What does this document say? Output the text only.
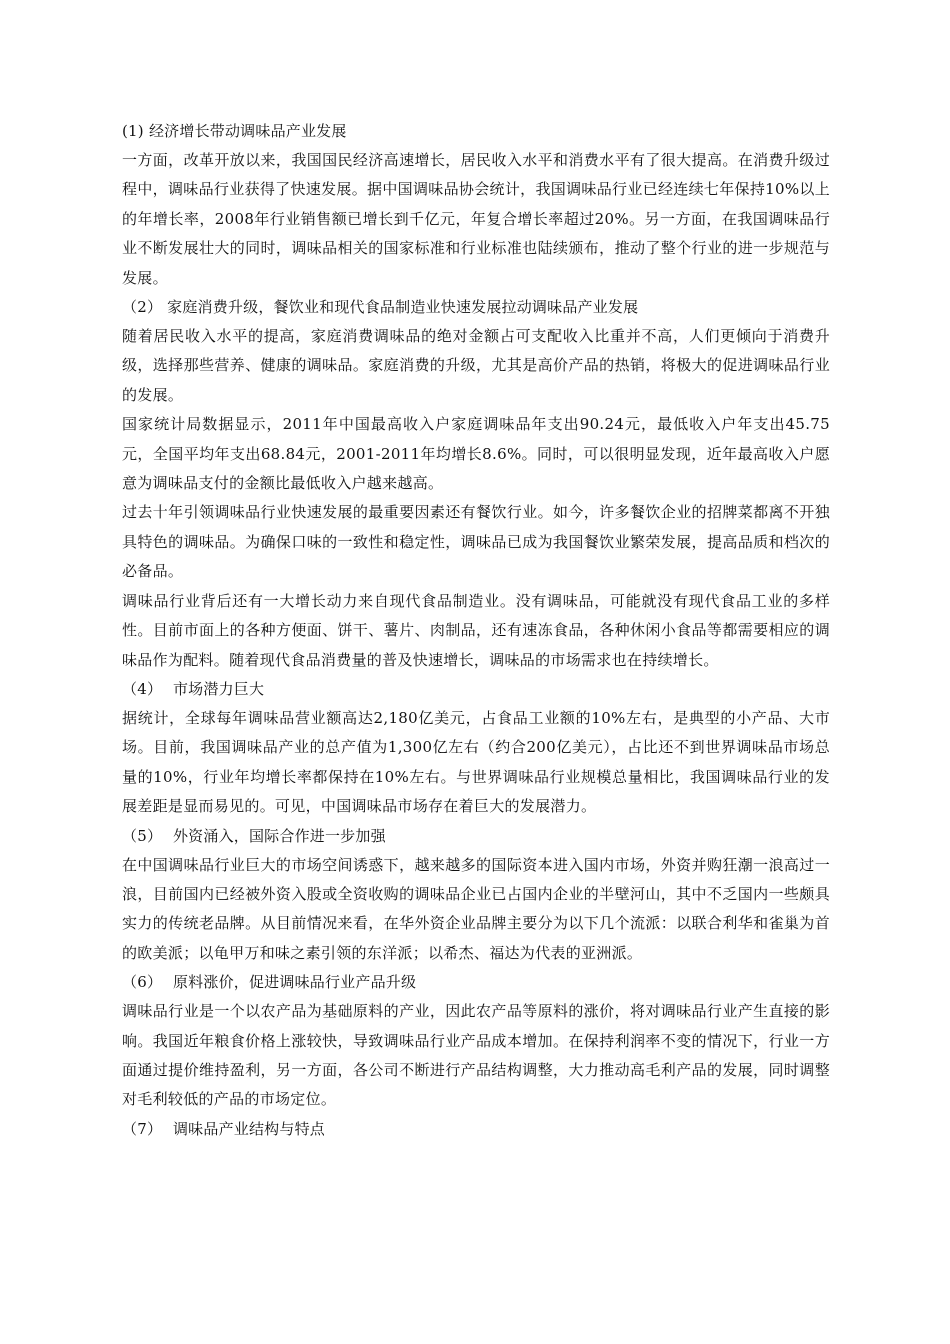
(1) 经济增长带动调味品产业发展

一方面，改革开放以来，我国国民经济高速增长，居民收入水平和消费水平有了很大提高。在消费升级过程中，调味品行业获得了快速发展。据中国调味品协会统计，我国调味品行业已经连续七年保持10%以上的年增长率，2008年行业销售额已增长到千亿元，年复合增长率超过20%。另一方面，在我国调味品行业不断发展壮大的同时，调味品相关的国家标准和行业标准也陆续颁布，推动了整个行业的进一步规范与发展。

（2） 家庭消费升级，餐饮业和现代食品制造业快速发展拉动调味品产业发展

随着居民收入水平的提高，家庭消费调味品的绝对金额占可支配收入比重并不高，人们更倾向于消费升级，选择那些营养、健康的调味品。家庭消费的升级，尤其是高价产品的热销，将极大的促进调味品行业的发展。

国家统计局数据显示，2011年中国最高收入户家庭调味品年支出90.24元，最低收入户年支出45.75元，全国平均年支出68.84元，2001-2011年均增长8.6%。同时，可以很明显发现，近年最高收入户愿意为调味品支付的金额比最低收入户越来越高。

过去十年引领调味品行业快速发展的最重要因素还有餐饮行业。如今，许多餐饮企业的招牌菜都离不开独具特色的调味品。为确保口味的一致性和稳定性，调味品已成为我国餐饮业繁荣发展，提高品质和档次的必备品。

调味品行业背后还有一大增长动力来自现代食品制造业。没有调味品，可能就没有现代食品工业的多样性。目前市面上的各种方便面、饼干、薯片、肉制品，还有速冻食品，各种休闲小食品等都需要相应的调味品作为配料。随着现代食品消费量的普及快速增长，调味品的市场需求也在持续增长。

（4） 市场潜力巨大

据统计，全球每年调味品营业额高达2,180亿美元，占食品工业额的10%左右，是典型的小产品、大市场。目前，我国调味品产业的总产值为1,300亿左右（约合200亿美元），占比还不到世界调味品市场总量的10%，行业年均增长率都保持在10%左右。与世界调味品行业规模总量相比，我国调味品行业的发展差距是显而易见的。可见，中国调味品市场存在着巨大的发展潜力。

（5） 外资涌入，国际合作进一步加强

在中国调味品行业巨大的市场空间诱惑下，越来越多的国际资本进入国内市场，外资并购狂潮一浪高过一浪，目前国内已经被外资入股或全资收购的调味品企业已占国内企业的半壁河山，其中不乏国内一些颇具实力的传统老品牌。从目前情况来看，在华外资企业品牌主要分为以下几个流派：以联合利华和雀巢为首的欧美派；以龟甲万和味之素引领的东洋派；以希杰、福达为代表的亚洲派。

（6） 原料涨价，促进调味品行业产品升级

调味品行业是一个以农产品为基础原料的产业，因此农产品等原料的涨价，将对调味品行业产生直接的影响。我国近年粮食价格上涨较快，导致调味品行业产品成本增加。在保持利润率不变的情况下，行业一方面通过提价维持盈利，另一方面，各公司不断进行产品结构调整，大力推动高毛利产品的发展，同时调整对毛利较低的产品的市场定位。

（7） 调味品产业结构与特点
